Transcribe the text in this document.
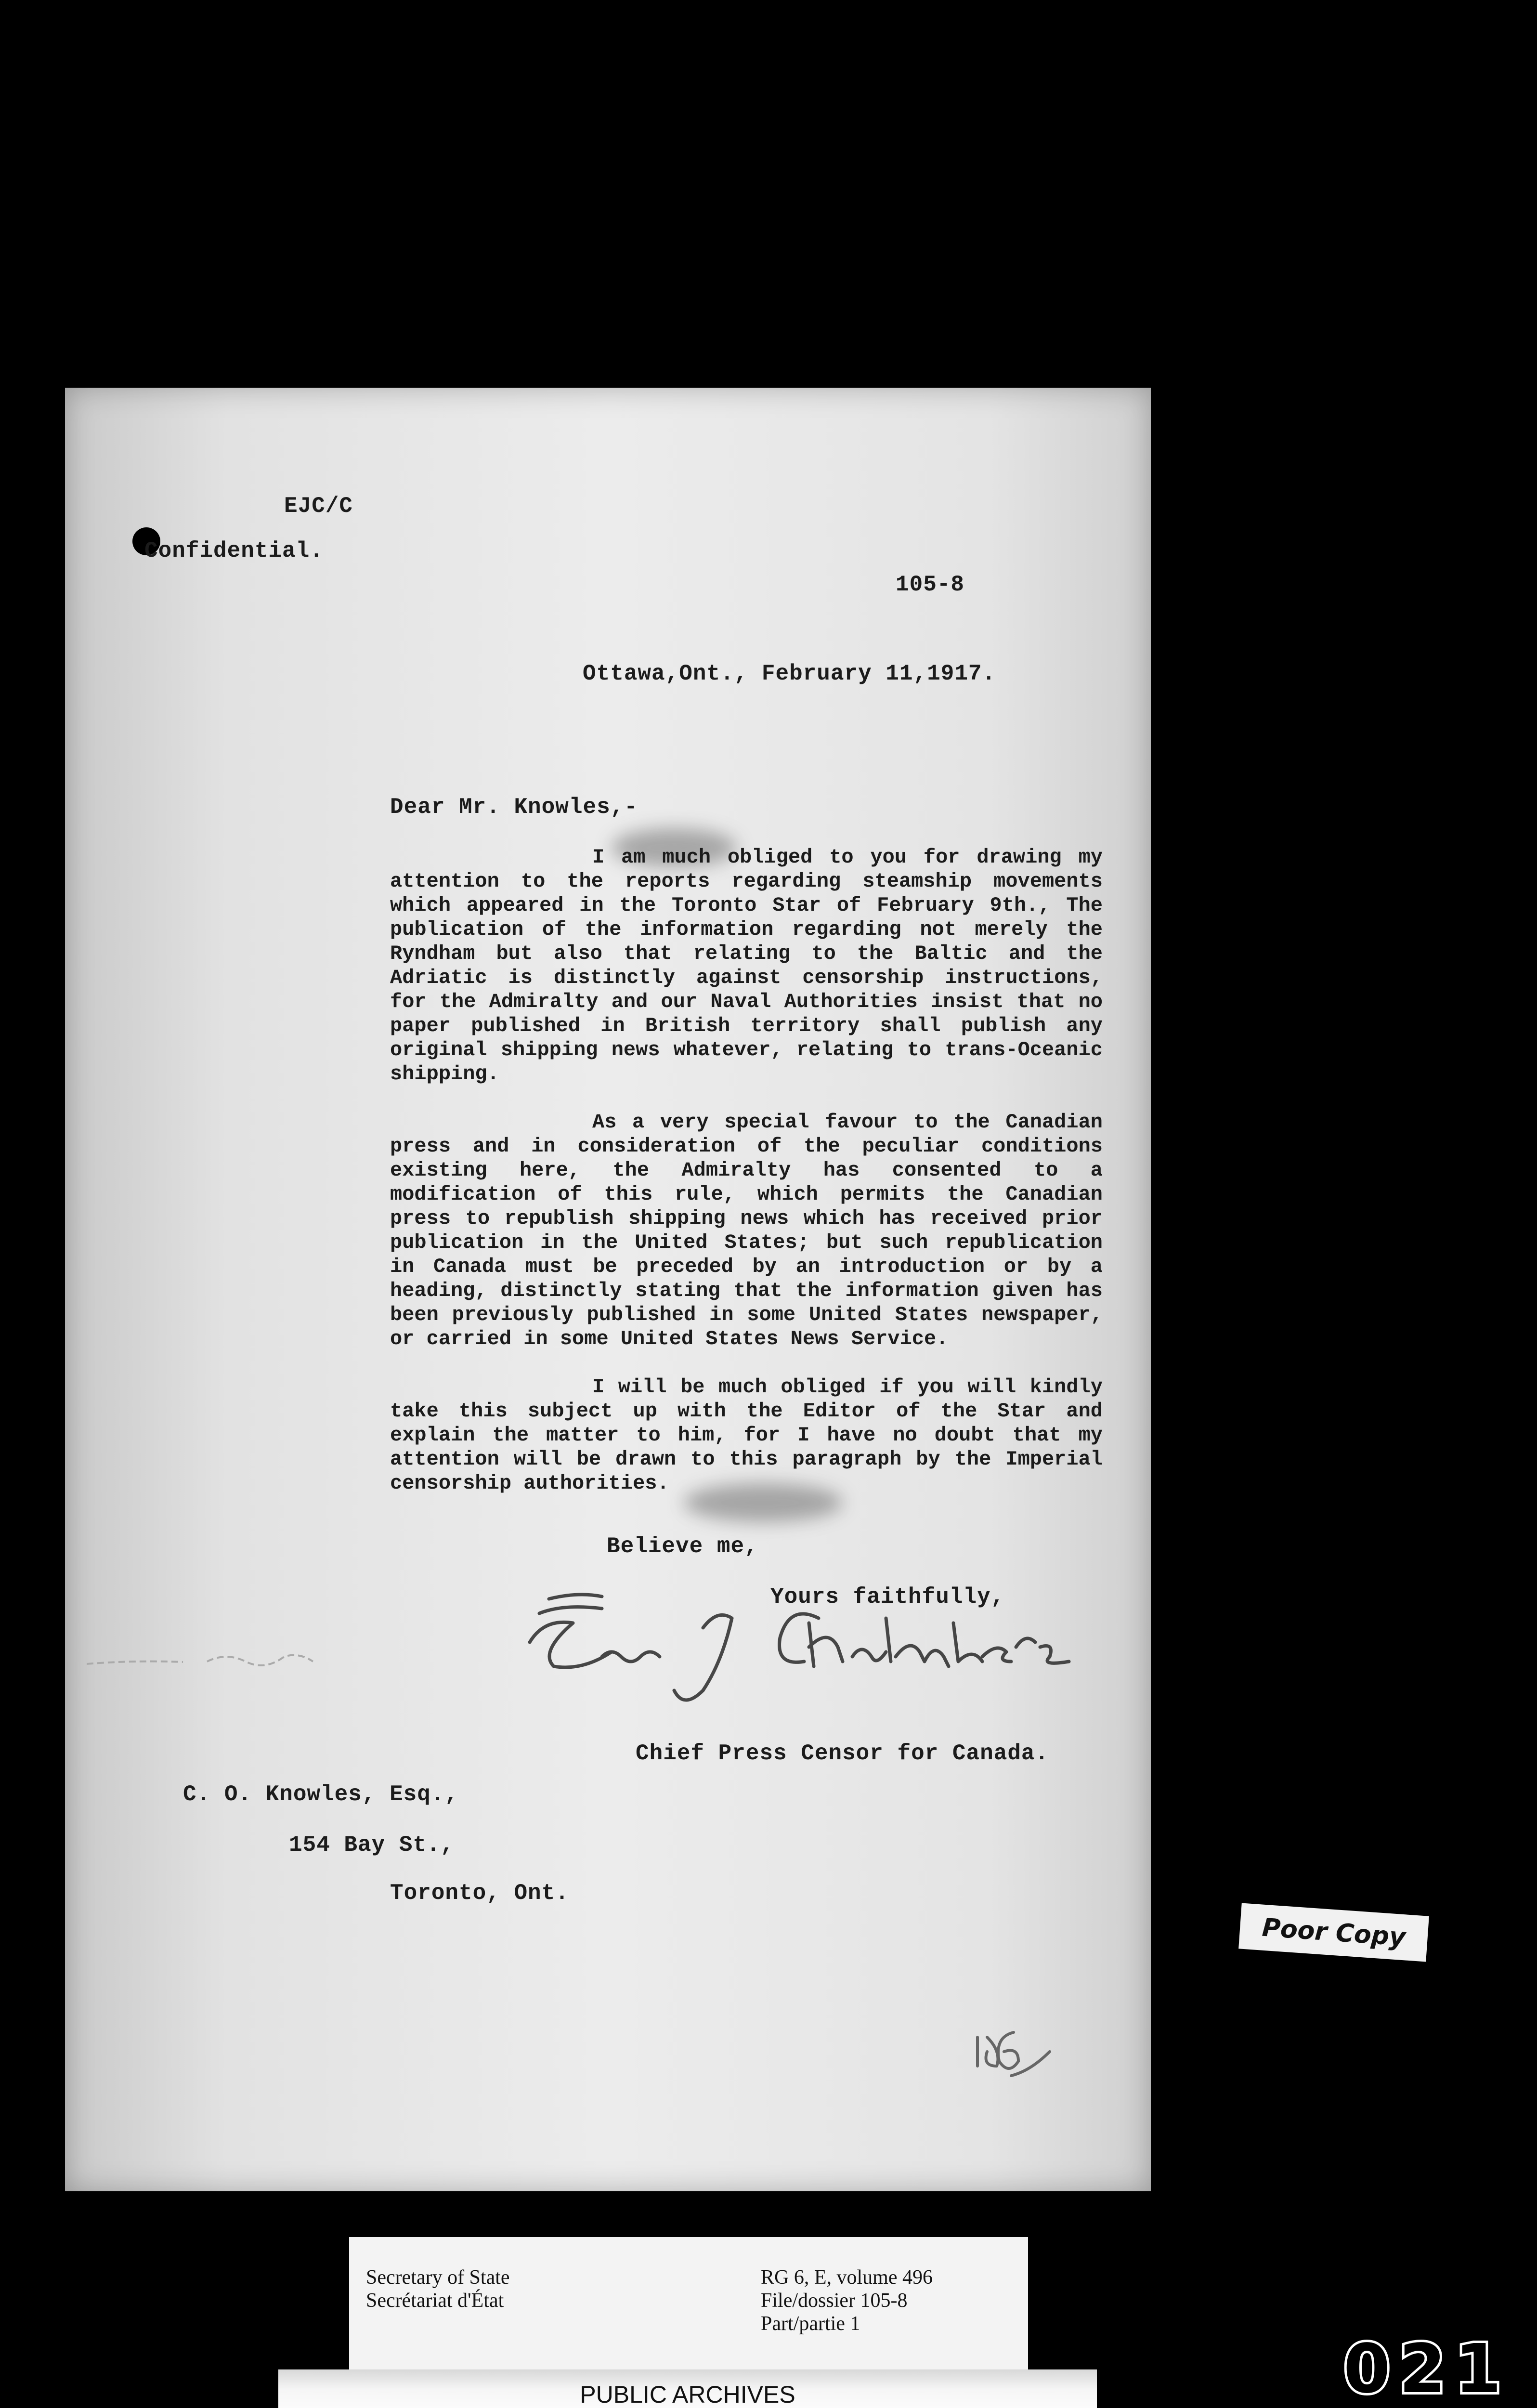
EJC/C
Confidential.
105-8
Ottawa,Ont., February 11,1917.
Dear Mr. Knowles,-

I am much obliged to you for drawing my attention to the reports regarding steamship movements which appeared in the Toronto Star of February 9th., The publication of the information regarding not merely the Ryndham but also that relating to the Baltic and the Adriatic is distinctly against censorship instructions, for the Admiralty and our Naval Authorities insist that no paper published in British territory shall publish any original shipping news whatever, relating to trans-Oceanic shipping.

As a very special favour to the Canadian press and in consideration of the peculiar conditions existing here, the Admiralty has consented to a modification of this rule, which permits the Canadian press to republish shipping news which has received prior publication in the United States; but such republication in Canada must be preceded by an introduction or by a heading, distinctly stating that the information given has been previously published in some United States newspaper, or carried in some United States News Service.

I will be much obliged if you will kindly take this subject up with the Editor of the Star and explain the matter to him, for I have no doubt that my attention will be drawn to this paragraph by the Imperial censorship authorities.

Believe me,
Yours faithfully,
E. J. Chambers
Chief Press Censor for Canada.
C. O. Knowles, Esq.,
154 Bay St.,
Toronto, Ont.
Poor Copy
Secretary of State
Secrétariat d'État
RG 6, E, volume 496
File/dossier 105-8
Part/partie 1
PUBLIC ARCHIVES	0 2 1
